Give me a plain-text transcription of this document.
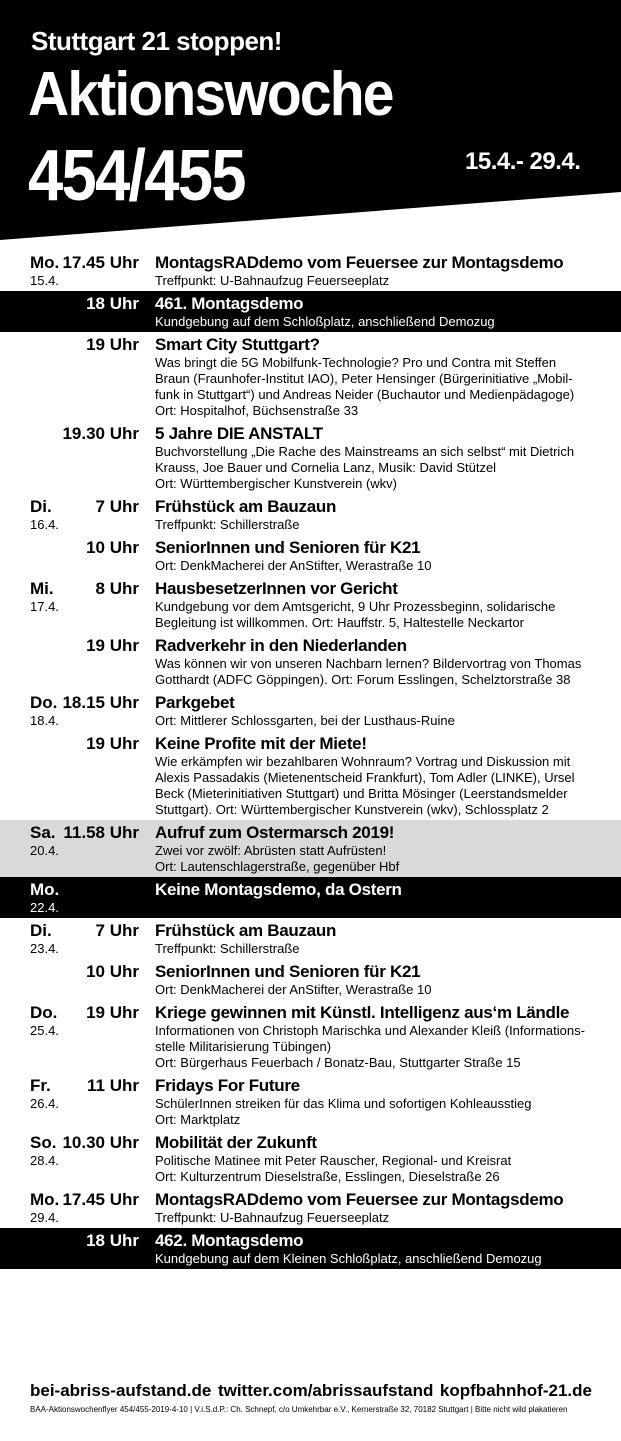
Stuttgart 21 stoppen!
Aktionswoche
454/455	15.4.- 29.4.
Mo.
15.4.
17.45 Uhr MontagsRADdemo vom Feuersee zur Montagsdemo
Treffpunkt: U-Bahnaufzug Feuerseeplatz
18 Uhr 461. Montagsdemo
Kundgebung auf dem Schloßplatz, anschließend Demozug
19 Uhr Smart City Stuttgart?
Was bringt die 5G Mobilfunk-Technologie? Pro und Contra mit Steffen
Braun (Fraunhofer-Institut IAO), Peter Hensinger (Bürgerinitiative „Mobil-
funk in Stuttgart“) und Andreas Neider (Buchautor und Medienpädagoge)
Ort: Hospitalhof, Büchsenstraße 33
19.30 Uhr 5 Jahre DIE ANSTALT
Buchvorstellung „Die Rache des Mainstreams an sich selbst“ mit Dietrich
Krauss, Joe Bauer und Cornelia Lanz, Musik: David Stützel
Ort: Württembergischer Kunstverein (wkv)
Di.
16.4.
7 Uhr Frühstück am Bauzaun
Treffpunkt: Schillerstraße
10 Uhr SeniorInnen und Senioren für K21
Ort: DenkMacherei der AnStifter, Werastraße 10
Mi.
17.4.
8 Uhr HausbesetzerInnen vor Gericht
Kundgebung vor dem Amtsgericht, 9 Uhr Prozessbeginn, solidarische
Begleitung ist willkommen. Ort: Hauffstr. 5, Haltestelle Neckartor
19 Uhr Radverkehr in den Niederlanden
Was können wir von unseren Nachbarn lernen? Bildervortrag von Thomas
Gotthardt (ADFC Göppingen). Ort: Forum Esslingen, Schelztorstraße 38
Do.
18.4.
18.15 Uhr Parkgebet
Ort: Mittlerer Schlossgarten, bei der Lusthaus-Ruine
19 Uhr Keine Profite mit der Miete!
Wie erkämpfen wir bezahlbaren Wohnraum? Vortrag und Diskussion mit
Alexis Passadakis (Mietenentscheid Frankfurt), Tom Adler (LINKE), Ursel
Beck (Mieterinitiativen Stuttgart) und Britta Mösinger (Leerstandsmelder
Stuttgart). Ort: Württembergischer Kunstverein (wkv), Schlossplatz 2
Sa.
20.4.
11.58 Uhr Aufruf zum Ostermarsch 2019!
Zwei vor zwölf: Abrüsten statt Aufrüsten!
Ort: Lautenschlagerstraße, gegenüber Hbf
Mo.
22.4.
Keine Montagsdemo, da Ostern
Di.
23.4.
7 Uhr Frühstück am Bauzaun
Treffpunkt: Schillerstraße
10 Uhr SeniorInnen und Senioren für K21
Ort: DenkMacherei der AnStifter, Werastraße 10
Do.
25.4.
19 Uhr Kriege gewinnen mit Künstl. Intelligenz aus‘m Ländle
Informationen von Christoph Marischka und Alexander Kleiß (Informations-
stelle Militarisierung Tübingen)
Ort: Bürgerhaus Feuerbach / Bonatz-Bau, Stuttgarter Straße 15
Fr.
26.4.
11 Uhr Fridays For Future
SchülerInnen streiken für das Klima und sofortigen Kohleausstieg
Ort: Marktplatz
So.
28.4.
10.30 Uhr Mobilität der Zukunft
Politische Matinee mit Peter Rauscher, Regional- und Kreisrat
Ort: Kulturzentrum Dieselstraße, Esslingen, Dieselstraße 26
Mo.
29.4.
17.45 Uhr MontagsRADdemo vom Feuersee zur Montagsdemo
Treffpunkt: U-Bahnaufzug Feuerseeplatz
18 Uhr 462. Montagsdemo
Kundgebung auf dem Kleinen Schloßplatz, anschließend Demozug
bei-abriss-aufstand.de twitter.com/abrissaufstand kopfbahnhof-21.de
BAA-Aktionswochenflyer 454/455-2019-4-10 | V.i.S.d.P.: Ch. Schnepf, c/o Umkehrbar e.V., Kernerstraße 32, 70182 Stuttgart | Bitte nicht wild plakatieren
